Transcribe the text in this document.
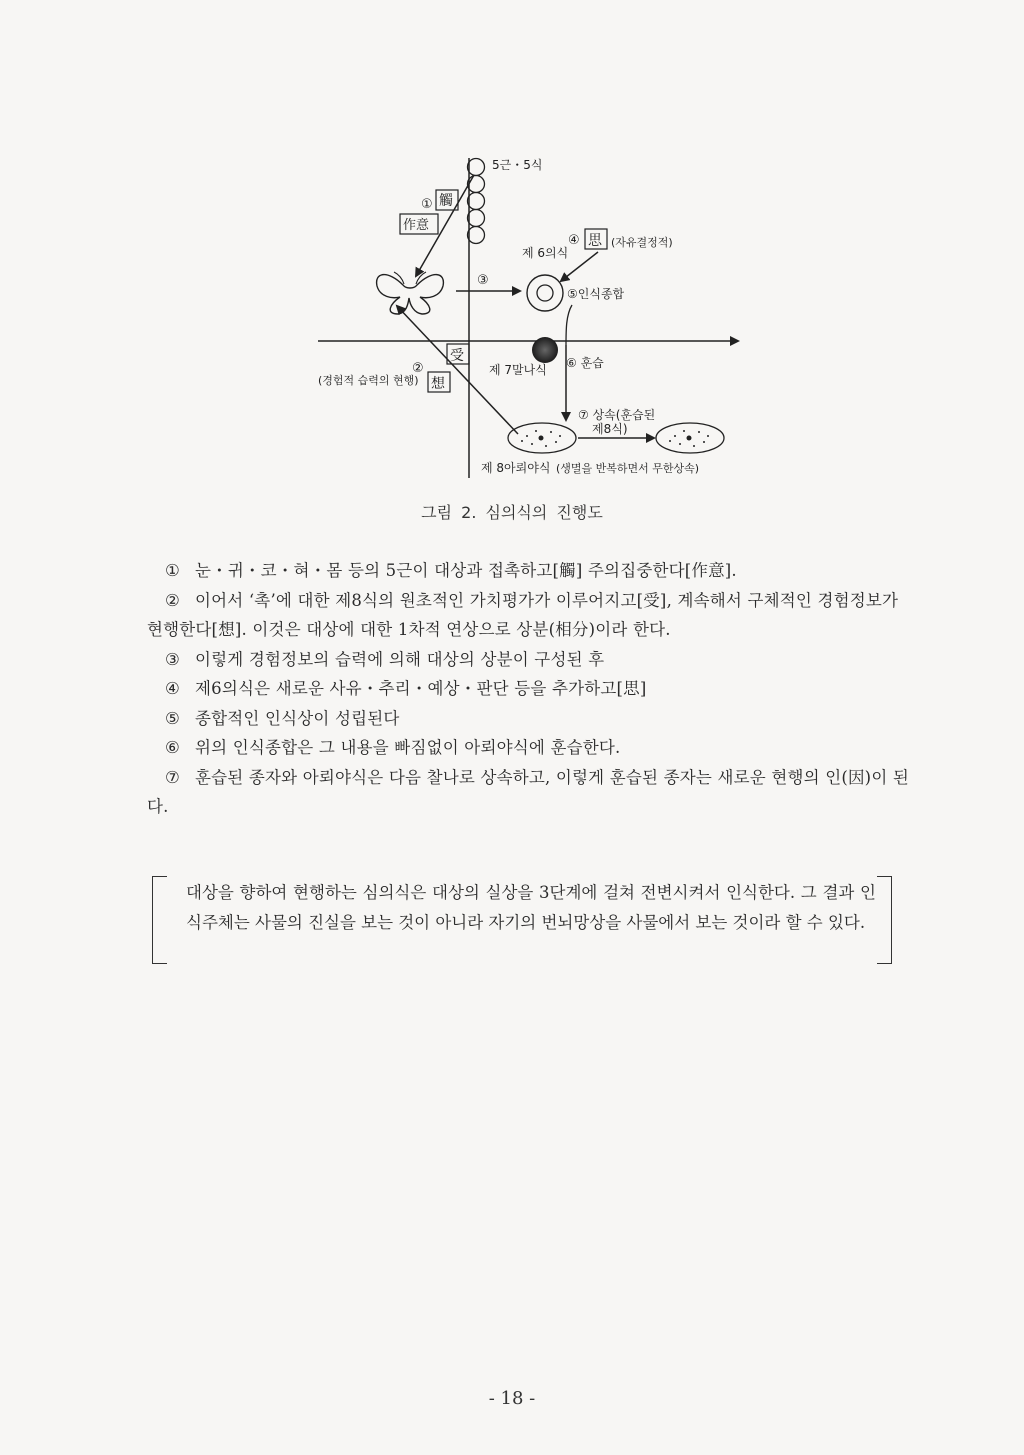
5근・5식
① 觸
作意
③
제 6의식
④ 思 (자유결정적)
⑤인식종합
제 7말나식 ⑥ 훈습
②
受
想
(경험적 습력의 현행)
⑦ 상속(훈습된
제8식)
제 8아뢰야식 (생멸을 반복하면서 무한상속)
그림 2. 심의식의 진행도
① 눈・귀・코・혀・몸 등의 5근이 대상과 접촉하고[觸] 주의집중한다[作意].
② 이어서 ‘촉’에 대한 제8식의 원초적인 가치평가가 이루어지고[受], 계속해서 구체적인 경험정보가 현행한다[想]. 이것은 대상에 대한 1차적 연상으로 상분(相分)이라 한다.
③ 이렇게 경험정보의 습력에 의해 대상의 상분이 구성된 후
④ 제6의식은 새로운 사유・추리・예상・판단 등을 추가하고[思]
⑤ 종합적인 인식상이 성립된다
⑥ 위의 인식종합은 그 내용을 빠짐없이 아뢰야식에 훈습한다.
⑦ 훈습된 종자와 아뢰야식은 다음 찰나로 상속하고, 이렇게 훈습된 종자는 새로운 현행의 인(因)이 된다.

대상을 향하여 현행하는 심의식은 대상의 실상을 3단계에 걸쳐 전변시켜서 인식한다. 그 결과 인식주체는 사물의 진실을 보는 것이 아니라 자기의 번뇌망상을 사물에서 보는 것이라 할 수 있다.

- 18 -
